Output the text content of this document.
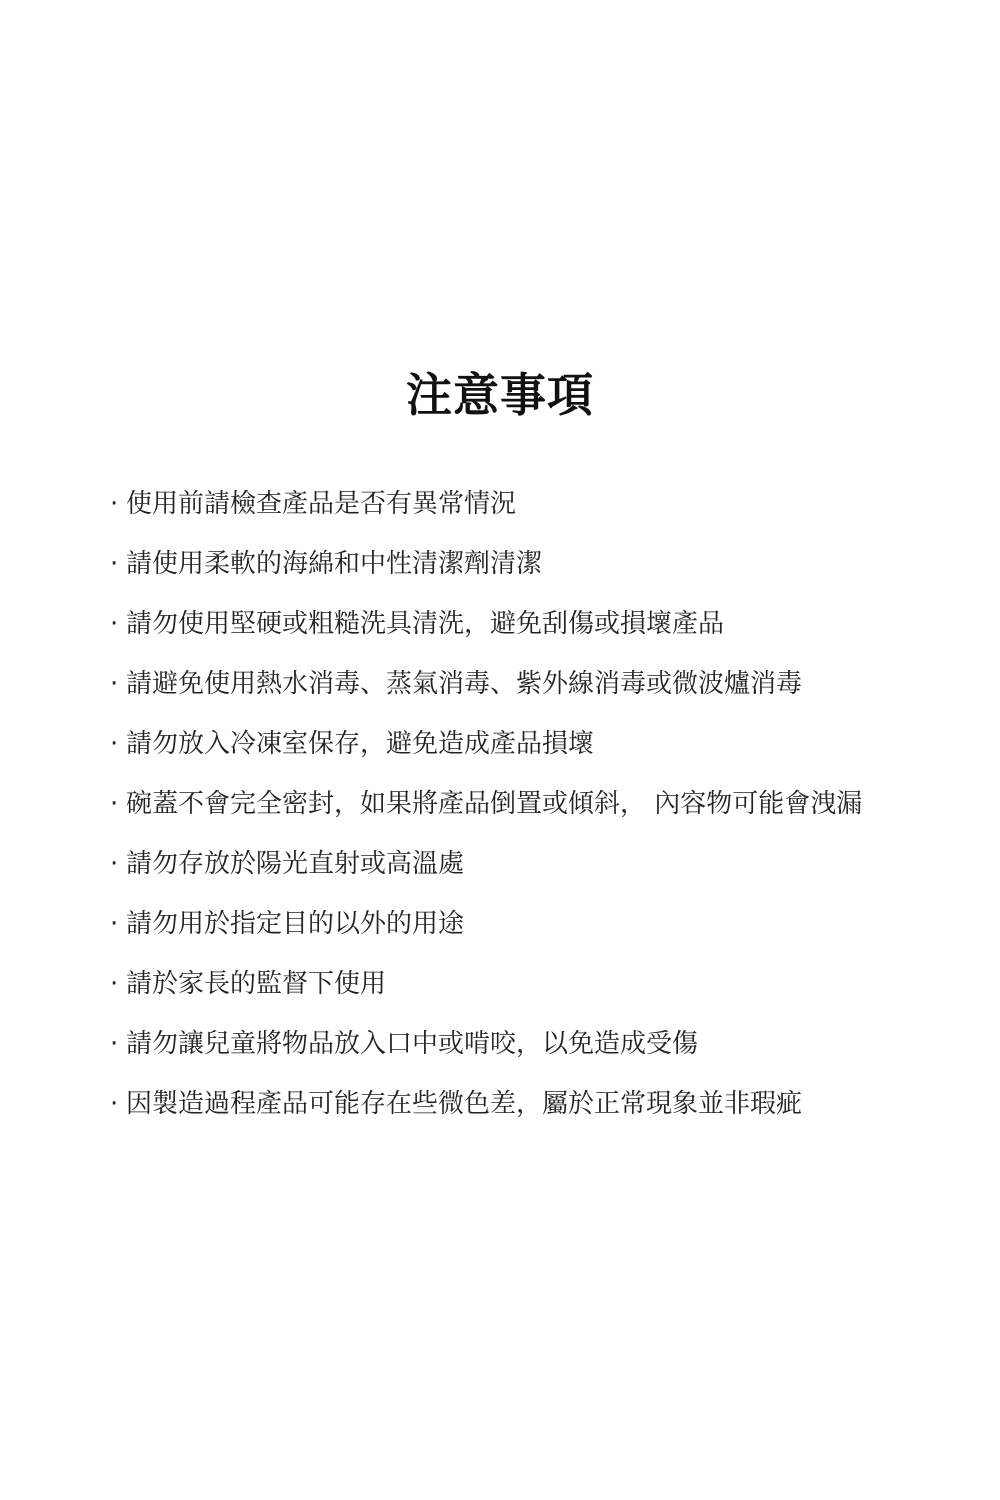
注意事項
· 使用前請檢查產品是否有異常情況
· 請使用柔軟的海綿和中性清潔劑清潔
· 請勿使用堅硬或粗糙洗具清洗，避免刮傷或損壞產品
· 請避免使用熱水消毒、蒸氣消毒、紫外線消毒或微波爐消毒
· 請勿放入冷凍室保存，避免造成產品損壞
· 碗蓋不會完全密封，如果將產品倒置或傾斜， 內容物可能會洩漏
· 請勿存放於陽光直射或高溫處
· 請勿用於指定目的以外的用途
· 請於家長的監督下使用
· 請勿讓兒童將物品放入口中或啃咬，以免造成受傷
· 因製造過程產品可能存在些微色差，屬於正常現象並非瑕疵
